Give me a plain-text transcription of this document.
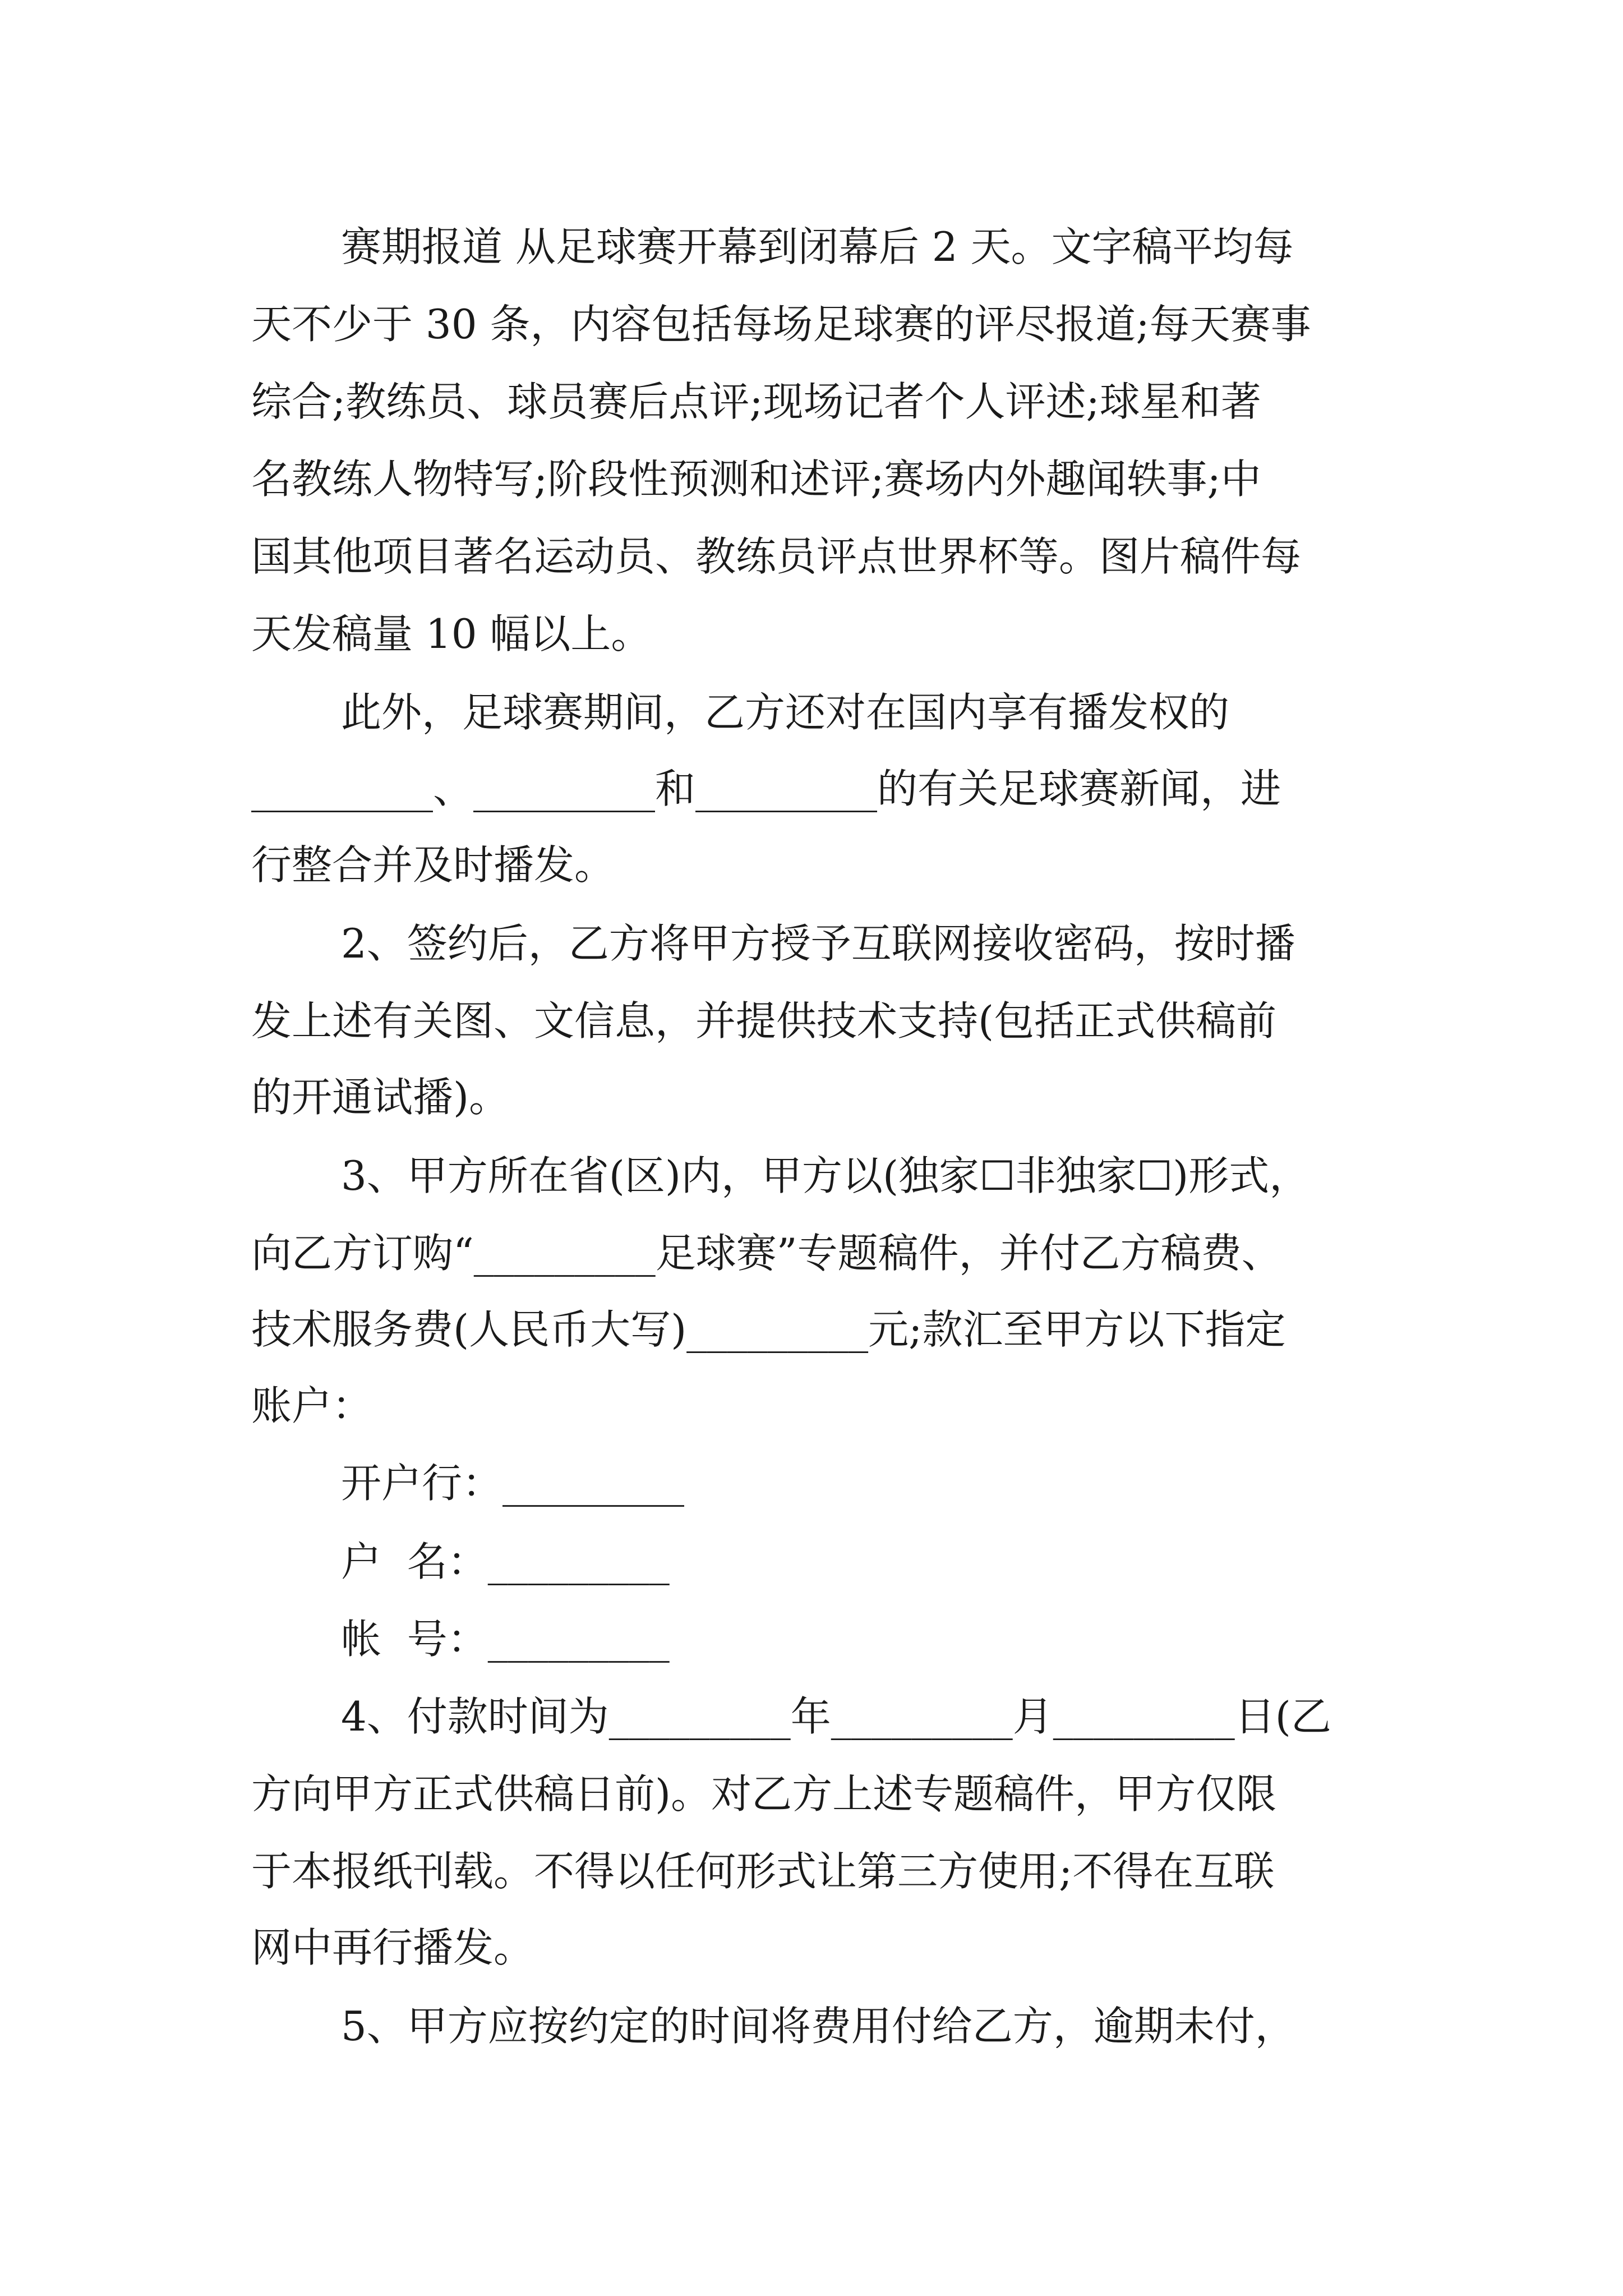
赛期报道 从足球赛开幕到闭幕后 2 天。文字稿平均每
天不少于 30 条，内容包括每场足球赛的评尽报道;每天赛事
综合;教练员、球员赛后点评;现场记者个人评述;球星和著
名教练人物特写;阶段性预测和述评;赛场内外趣闻轶事;中
国其他项目著名运动员、教练员评点世界杯等。图片稿件每
天发稿量 10 幅以上。
此外，足球赛期间，乙方还对在国内享有播发权的
_________、_________和_________的有关足球赛新闻，进
行整合并及时播发。
2、签约后，乙方将甲方授予互联网接收密码，按时播
发上述有关图、文信息，并提供技术支持(包括正式供稿前
的开通试播)。
3、甲方所在省(区)内，甲方以(独家☐非独家☐)形式，
向乙方订购“_________足球赛”专题稿件，并付乙方稿费、
技术服务费(人民币大写)_________元;款汇至甲方以下指定
账户：
开户行：_________
户  名：_________
帐  号：_________
4、付款时间为_________年_________月_________日(乙
方向甲方正式供稿日前)。对乙方上述专题稿件，甲方仅限
于本报纸刊载。不得以任何形式让第三方使用;不得在互联
网中再行播发。
5、甲方应按约定的时间将费用付给乙方，逾期未付，
